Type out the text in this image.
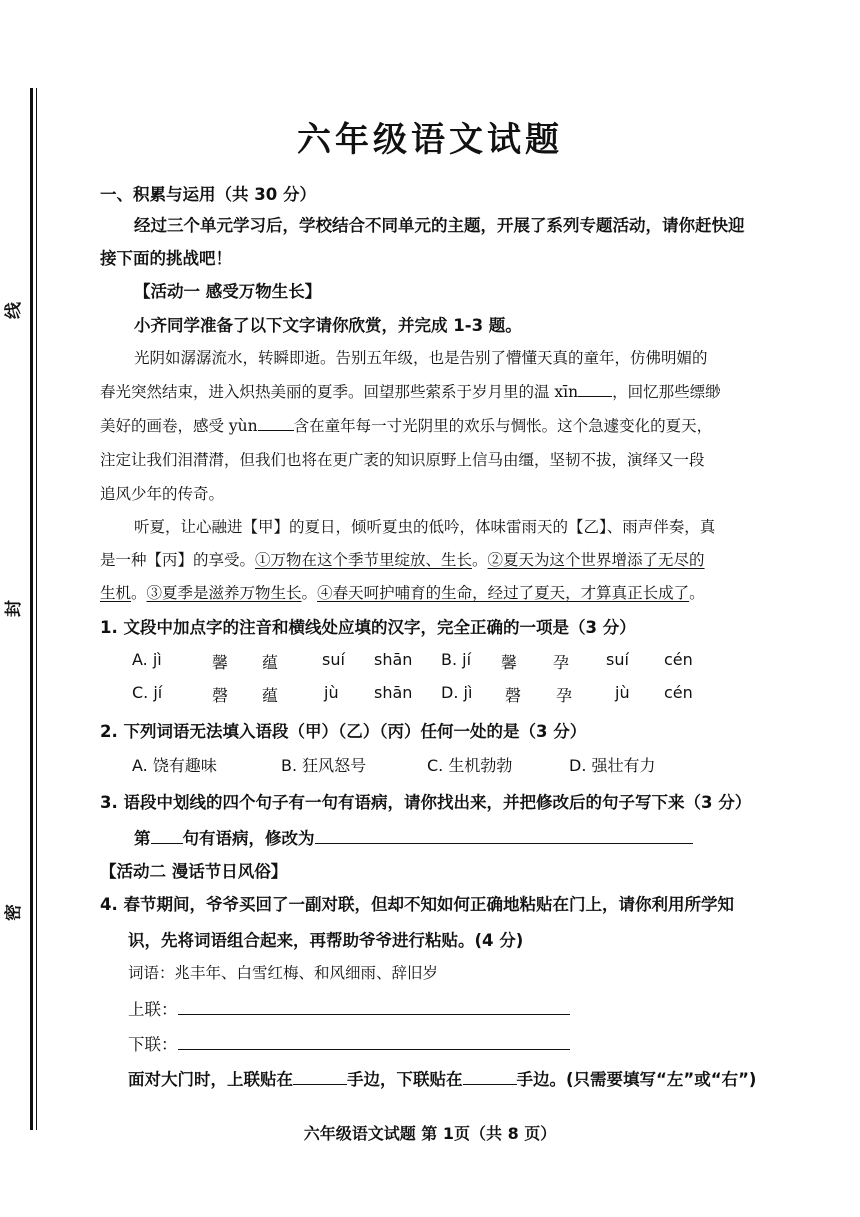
线
封
密
六年级语文试题
一、积累与运用（共 30 分）
经过三个单元学习后，学校结合不同单元的主题，开展了系列专题活动，请你赶快迎
接下面的挑战吧！
【活动一 感受万物生长】
小齐同学准备了以下文字请你欣赏，并完成 1-3 题。
光阴如潺潺流水，转瞬即逝。告别五年级，也是告别了懵懂天真的童年，仿佛明媚的
春光突然结束，进入炽热美丽的夏季。回望那些萦系于岁月里的温 xīn ，回忆那些缥缈
美好的画卷，感受 yùn 含在童年每一寸光阴里的欢乐与惆怅。这个急遽变化的夏天，
注定让我们泪潸潸，但我们也将在更广袤的知识原野上信马由缰，坚韧不拔，演绎又一段
追风少年的传奇。
听夏，让心融进【甲】的夏日，倾听夏虫的低吟，体味雷雨天的【乙】、雨声伴奏，真
是一种【丙】的享受。①万物在这个季节里绽放、生长。②夏天为这个世界增添了无尽的
生机。③夏季是滋养万物生长。④春天呵护哺育的生命，经过了夏天，才算真正长成了。
1. 文段中加点字的注音和横线处应填的汉字，完全正确的一项是（3 分）
A. jì	馨 蕴	suí shān B. jí 馨 孕 suí cén
C. jí	磬 蕴	jù shān D. jì 磬 孕	jù cén
2. 下列词语无法填入语段（甲）（乙）（丙）任何一处的是（3 分）
A. 饶有趣味	B. 狂风怒号	C. 生机勃勃	D. 强壮有力
3. 语段中划线的四个句子有一句有语病，请你找出来，并把修改后的句子写下来（3 分）
第 句有语病，修改为
【活动二 漫话节日风俗】
4. 春节期间，爷爷买回了一副对联，但却不知如何正确地粘贴在门上，请你利用所学知
识，先将词语组合起来，再帮助爷爷进行粘贴。(4 分)
词语：兆丰年、白雪红梅、和风细雨、辞旧岁
上联：
下联：
面对大门时，上联贴在	手边，下联贴在	手边。(只需要填写“左”或“右”)
六年级语文试题 第 1页（共 8 页）
